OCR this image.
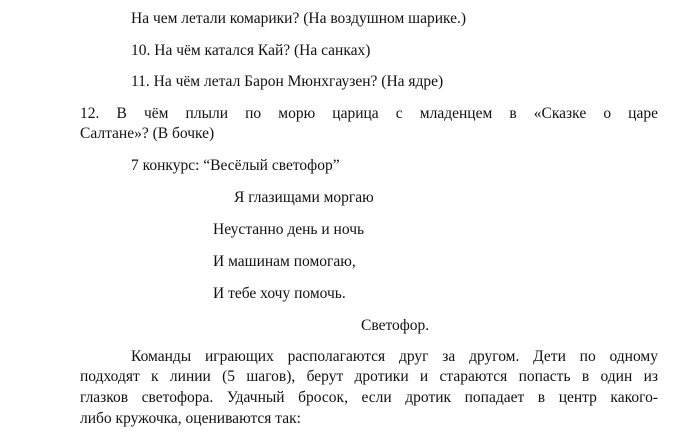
На чем летали комарики? (На воздушном шарике.)
10. На чём катался Кай? (На санках)
11. На чём летал Барон Мюнхгаузен? (На ядре)
12. В чём плыли по морю царица с младенцем в «Сказке о царе
Салтане»? (В бочке)
7 конкурс: “Весёлый светофор”
Я глазищами моргаю
Неустанно день и ночь
И машинам помогаю,
И тебе хочу помочь.
Светофор.
Команды играющих располагаются друг за другом. Дети по одному
подходят к линии (5 шагов), берут дротики и стараются попасть в один из
глазков светофора. Удачный бросок, если дротик попадает в центр какого-
либо кружочка, оцениваются так:
